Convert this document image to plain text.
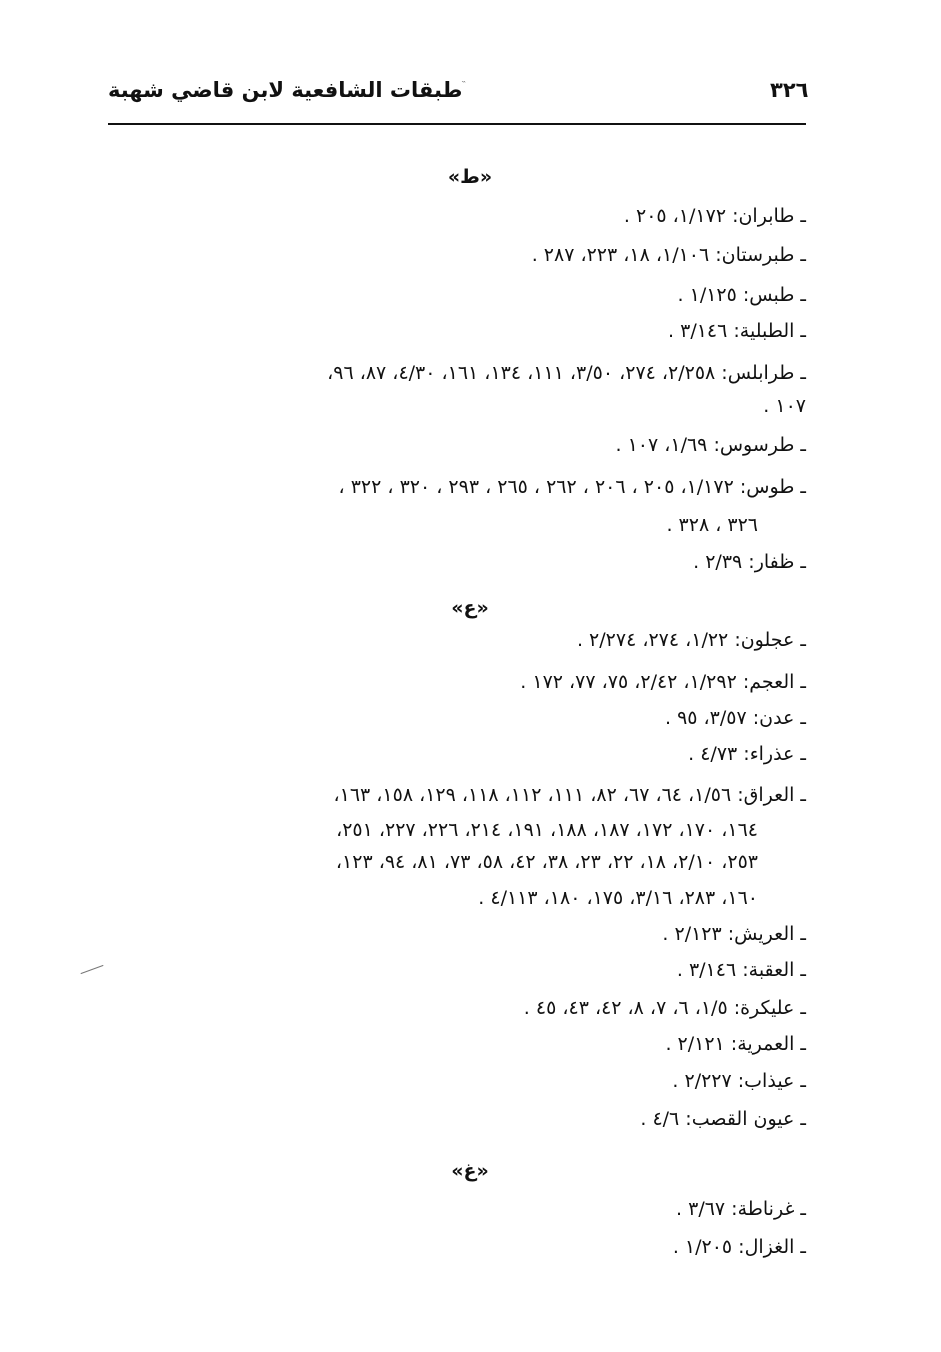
طبقات الشافعية لابن قاضي شهبة	٣٢٦
˵
«ط»
ـ طابران: ١/١٧٢، ٢٠٥ .
ـ طبرستان: ١/١٠٦، ١٨، ٢٢٣، ٢٨٧ .
ـ طبس: ١/١٢٥ .
ـ الطبلية: ٣/١٤٦ .
ـ طرابلس: ٢/٢٥٨، ٢٧٤، ٣/٥٠، ١١١، ١٣٤، ١٦١، ٤/٣٠، ٨٧، ٩٦،
١٠٧ .
ـ طرسوس: ١/٦٩، ١٠٧ .
ـ طوس: ١/١٧٢، ٢٠٥ ، ٢٠٦ ، ٢٦٢ ، ٢٦٥ ، ٢٩٣ ، ٣٢٠ ، ٣٢٢ ،
٣٢٦ ، ٣٢٨ .
ـ ظفار: ٢/٣٩ .
«ع»
ـ عجلون: ١/٢٢، ٢٧٤، ٢/٢٧٤ .
ـ العجم: ١/٢٩٢، ٢/٤٢، ٧٥، ٧٧، ١٧٢ .
ـ عدن: ٣/٥٧، ٩٥ .
ـ عذراء: ٤/٧٣ .
ـ العراق: ١/٥٦، ٦٤، ٦٧، ٨٢، ١١١، ١١٢، ١١٨، ١٢٩، ١٥٨، ١٦٣،
١٦٤، ١٧٠، ١٧٢، ١٨٧، ١٨٨، ١٩١، ٢١٤، ٢٢٦، ٢٢٧، ٢٥١،
٢٥٣، ٢/١٠، ١٨، ٢٢، ٢٣، ٣٨، ٤٢، ٥٨، ٧٣، ٨١، ٩٤، ١٢٣،
١٦٠، ٢٨٣، ٣/١٦، ١٧٥، ١٨٠، ٤/١١٣ .
ـ العريش: ٢/١٢٣ .
ـ العقبة: ٣/١٤٦ .
ـ عليكرة: ١/٥، ٦، ٧، ٨، ٤٢، ٤٣، ٤٥ .
ـ العمرية: ٢/١٢١ .
ـ عيذاب: ٢/٢٢٧ .
ـ عيون القصب: ٤/٦ .
«غ»
ـ غرناطة: ٣/٦٧ .
ـ الغزال: ١/٢٠٥ .
